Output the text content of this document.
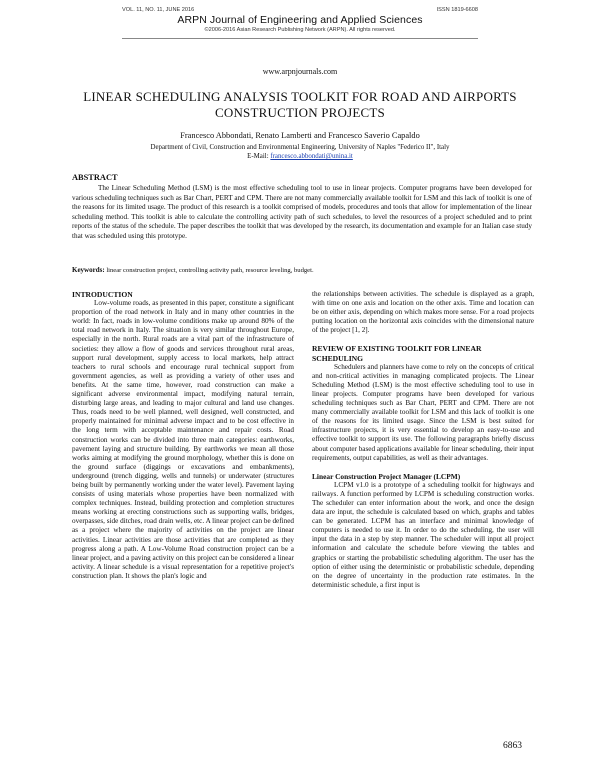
VOL. 11, NO. 11, JUNE 2016	ISSN 1819-6608
ARPN Journal of Engineering and Applied Sciences
©2006-2016 Asian Research Publishing Network (ARPN). All rights reserved.
www.arpnjournals.com
LINEAR SCHEDULING ANALYSIS TOOLKIT FOR ROAD AND AIRPORTS
CONSTRUCTION PROJECTS
Francesco Abbondati, Renato Lamberti and Francesco Saverio Capaldo
Department of Civil, Construction and Environmental Engineering, University of Naples "Federico II", Italy
E-Mail: francesco.abbondati@unina.it
ABSTRACT

The Linear Scheduling Method (LSM) is the most effective scheduling tool to use in linear projects. Computer programs have been developed for various scheduling techniques such as Bar Chart, PERT and CPM. There are not many commercially available toolkit for LSM and this lack of toolkit is one of the reasons for its limited usage. The product of this research is a toolkit comprised of models, procedures and tools that allow for implementation of the linear scheduling method. This toolkit is able to calculate the controlling activity path of such schedules, to level the resources of a project scheduled and to print reports of the status of the schedule. The paper describes the toolkit that was developed by the research, its documentation and example for an Italian case study that was scheduled using this prototype.

Keywords: linear construction project, controlling activity path, resource leveling, budget.
INTRODUCTION

Low-volume roads, as presented in this paper, constitute a significant proportion of the road network in Italy and in many other countries in the world: In fact, roads in low-volume conditions make up around 80% of the total road network in Italy. The situation is very similar throughout Europe, especially in the north. Rural roads are a vital part of the infrastructure of societies: they allow a flow of goods and services throughout rural areas, support rural development, supply access to local markets, help attract teachers to rural schools and encourage rural technical support from government agencies, as well as providing a variety of other uses and benefits. At the same time, however, road construction can make a significant adverse environmental impact, modifying natural terrain, disturbing large areas, and leading to major cultural and land use changes. Thus, roads need to be well planned, well designed, well constructed, and properly maintained for minimal adverse impact and to be cost effective in the long term with acceptable maintenance and repair costs. Road construction works can be divided into three main categories: earthworks, pavement laying and structure building. By earthworks we mean all those works aiming at modifying the ground morphology, whether this is done on the ground surface (diggings or excavations and embankments), underground (trench digging, wells and tunnels) or underwater (structures being built by permanently working under the water level). Pavement laying consists of using materials whose properties have been normalized with complex techniques. Instead, building protection and completion structures means working at erecting constructions such as supporting walls, bridges, overpasses, side ditches, road drain wells, etc. A linear project can be defined as a project where the majority of activities on the project are linear activities. Linear activities are those activities that are completed as they progress along a path. A Low-Volume Road construction project can be a linear project, and a paving activity on this project can be considered a linear activity. A linear schedule is a visual representation for a repetitive project's construction plan. It shows the plan's logic and

the relationships between activities. The schedule is displayed as a graph, with time on one axis and location on the other axis. Time and location can be on either axis, depending on which makes more sense. For a road projects putting location on the horizontal axis coincides with the dimensional nature of the project [1, 2].

REVIEW OF EXISTING TOOLKIT FOR LINEAR
SCHEDULING

Schedulers and planners have come to rely on the concepts of critical and non-critical activities in managing complicated projects. The Linear Scheduling Method (LSM) is the most effective scheduling tool to use in linear projects. Computer programs have been developed for various scheduling techniques such as Bar Chart, PERT and CPM. There are not many commercially available toolkit for LSM and this lack of toolkit is one of the reasons for its limited usage. Since the LSM is best suited for infrastructure projects, it is very essential to develop an easy-to-use and effective toolkit to support its use. The following paragraphs briefly discuss about computer based applications available for linear scheduling, their input requirements, output capabilities, as well as their advantages.

Linear Construction Project Manager (LCPM)

LCPM v1.0 is a prototype of a scheduling toolkit for highways and railways. A function performed by LCPM is scheduling construction works. The scheduler can enter information about the work, and once the design data are input, the schedule is calculated based on which, graphs and tables can be generated. LCPM has an interface and minimal knowledge of computers is needed to use it. In order to do the scheduling, the user will input the data in a step by step manner. The scheduler will input all project information and calculate the schedule before viewing the tables and graphics or starting the probabilistic scheduling algorithm. The user has the option of either using the deterministic or probabilistic schedule, depending on the degree of uncertainty in the production rate estimates. In the deterministic schedule, a first input is

6863
